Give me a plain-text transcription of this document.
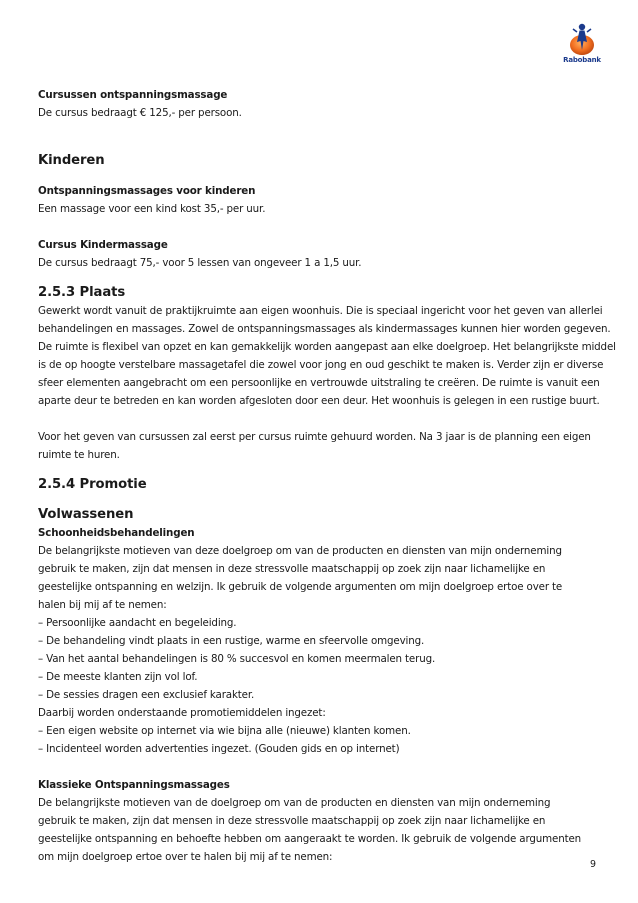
Rabobank
Cursussen ontspanningsmassage
De cursus bedraagt € 125,- per persoon.
Kinderen
Ontspanningsmassages voor kinderen
Een massage voor een kind kost 35,- per uur.
Cursus Kindermassage
De cursus bedraagt 75,- voor 5 lessen van ongeveer 1 a 1,5 uur.
2.5.3 Plaats
Gewerkt wordt vanuit de praktijkruimte aan eigen woonhuis. Die is speciaal ingericht voor het geven van allerlei
behandelingen en massages. Zowel de ontspanningsmassages als kindermassages kunnen hier worden gegeven.
De ruimte is flexibel van opzet en kan gemakkelijk worden aangepast aan elke doelgroep. Het belangrijkste middel
is de op hoogte verstelbare massagetafel die zowel voor jong en oud geschikt te maken is. Verder zijn er diverse
sfeer elementen aangebracht om een persoonlijke en vertrouwde uitstraling te creëren. De ruimte is vanuit een
aparte deur te betreden en kan worden afgesloten door een deur. Het woonhuis is gelegen in een rustige buurt.
Voor het geven van cursussen zal eerst per cursus ruimte gehuurd worden. Na 3 jaar is de planning een eigen
ruimte te huren.
2.5.4 Promotie
Volwassenen
Schoonheidsbehandelingen
De belangrijkste motieven van deze doelgroep om van de producten en diensten van mijn onderneming
gebruik te maken, zijn dat mensen in deze stressvolle maatschappij op zoek zijn naar lichamelijke en
geestelijke ontspanning en welzijn. Ik gebruik de volgende argumenten om mijn doelgroep ertoe over te
halen bij mij af te nemen:
– Persoonlijke aandacht en begeleiding.
– De behandeling vindt plaats in een rustige, warme en sfeervolle omgeving.
– Van het aantal behandelingen is 80 % succesvol en komen meermalen terug.
– De meeste klanten zijn vol lof.
– De sessies dragen een exclusief karakter.
Daarbij worden onderstaande promotiemiddelen ingezet:
– Een eigen website op internet via wie bijna alle (nieuwe) klanten komen.
– Incidenteel worden advertenties ingezet. (Gouden gids en op internet)
Klassieke Ontspanningsmassages
De belangrijkste motieven van de doelgroep om van de producten en diensten van mijn onderneming
gebruik te maken, zijn dat mensen in deze stressvolle maatschappij op zoek zijn naar lichamelijke en
geestelijke ontspanning en behoefte hebben om aangeraakt te worden. Ik gebruik de volgende argumenten
om mijn doelgroep ertoe over te halen bij mij af te nemen:
9
